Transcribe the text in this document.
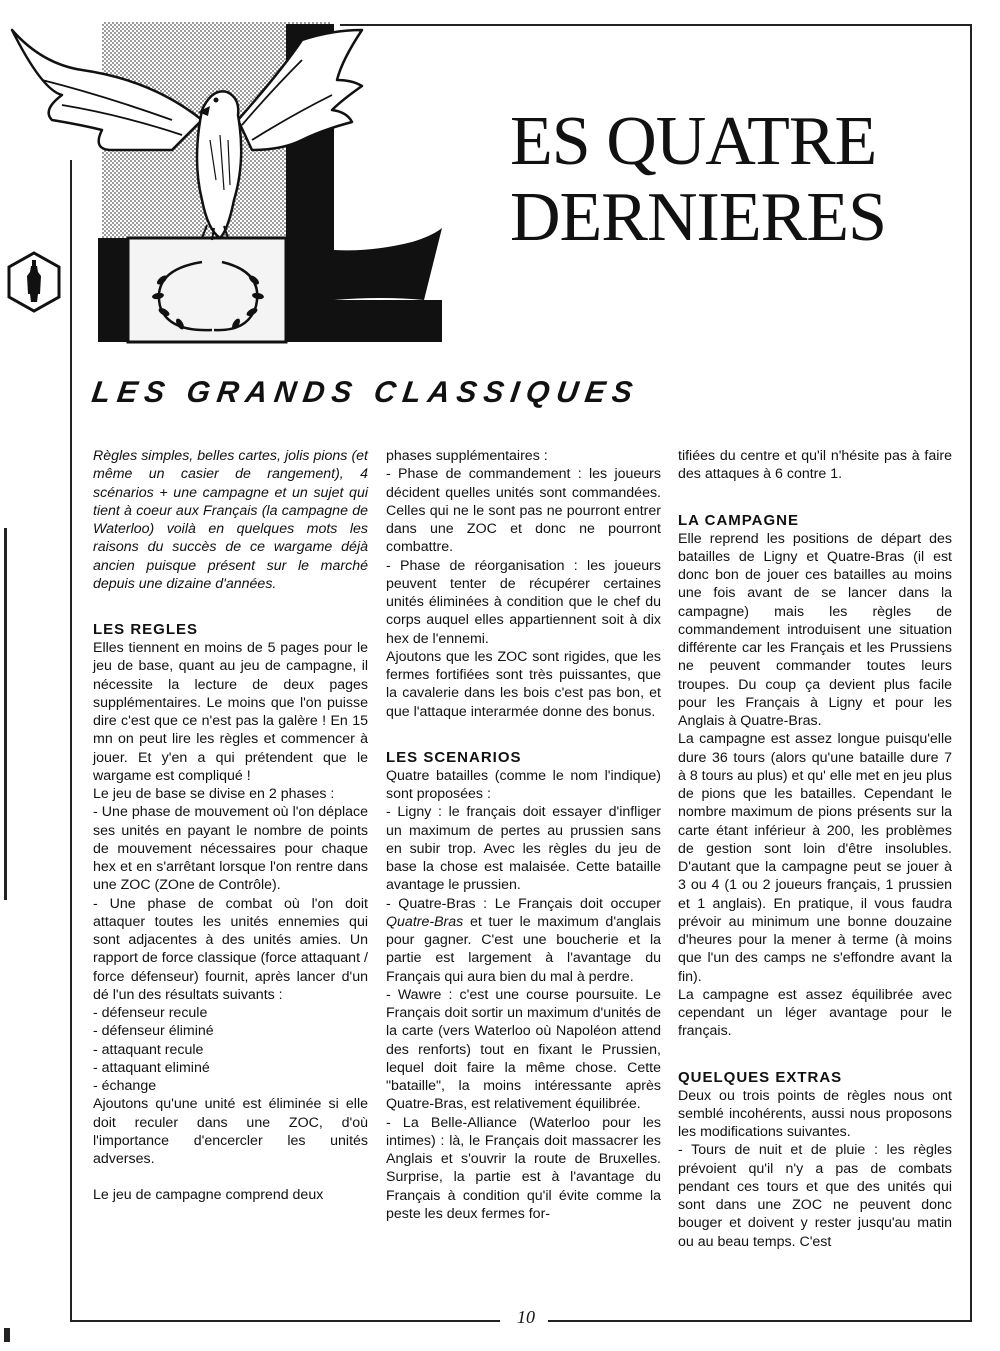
ES QUATRE
DERNIERES
LES GRANDS CLASSIQUES

Règles simples, belles cartes, jolis pions (et même un casier de rangement), 4 scénarios + une campagne et un sujet qui tient à coeur aux Français (la campagne de Waterloo) voilà en quelques mots les raisons du succès de ce wargame déjà ancien puisque présent sur le marché depuis une dizaine d'années.

LES REGLES

Elles tiennent en moins de 5 pages pour le jeu de base, quant au jeu de campagne, il nécessite la lecture de deux pages supplémentaires. Le moins que l'on puisse dire c'est que ce n'est pas la galère ! En 15 mn on peut lire les règles et commencer à jouer. Et y'en a qui prétendent que le wargame est compliqué !

Le jeu de base se divise en 2 phases :

- Une phase de mouvement où l'on déplace ses unités en payant le nombre de points de mouvement nécessaires pour chaque hex et en s'arrêtant lorsque l'on rentre dans une ZOC (ZOne de Contrôle).

- Une phase de combat où l'on doit attaquer toutes les unités ennemies qui sont adjacentes à des unités amies. Un rapport de force classique (force attaquant / force défenseur) fournit, après lancer d'un dé l'un des résultats suivants :

- défenseur recule

- défenseur éliminé

- attaquant recule

- attaquant eliminé

- échange

Ajoutons qu'une unité est éliminée si elle doit reculer dans une ZOC, d'où l'importance d'encercler les unités adverses.

Le jeu de campagne comprend deux

phases supplémentaires :

- Phase de commandement : les joueurs décident quelles unités sont commandées. Celles qui ne le sont pas ne pourront entrer dans une ZOC et donc ne pourront combattre.

- Phase de réorganisation : les joueurs peuvent tenter de récupérer certaines unités éliminées à condition que le chef du corps auquel elles appartiennent soit à dix hex de l'ennemi.

Ajoutons que les ZOC sont rigides, que les fermes fortifiées sont très puissantes, que la cavalerie dans les bois c'est pas bon, et que l'attaque interarmée donne des bonus.

LES SCENARIOS

Quatre batailles (comme le nom l'indique) sont proposées :

- Ligny : le français doit essayer d'infliger un maximum de pertes au prussien sans en subir trop. Avec les règles du jeu de base la chose est malaisée. Cette bataille avantage le prussien.

- Quatre-Bras : Le Français doit occuper Quatre-Bras et tuer le maximum d'anglais pour gagner. C'est une boucherie et la partie est largement à l'avantage du Français qui aura bien du mal à perdre.

- Wawre : c'est une course poursuite. Le Français doit sortir un maximum d'unités de la carte (vers Waterloo où Napoléon attend des renforts) tout en fixant le Prussien, lequel doit faire la même chose. Cette "bataille", la moins intéressante après Quatre-Bras, est relativement équilibrée.

- La Belle-Alliance (Waterloo pour les intimes) : là, le Français doit massacrer les Anglais et s'ouvrir la route de Bruxelles. Surprise, la partie est à l'avantage du Français à condition qu'il évite comme la peste les deux fermes for-

tifiées du centre et qu'il n'hésite pas à faire des attaques à 6 contre 1.

LA CAMPAGNE

Elle reprend les positions de départ des batailles de Ligny et Quatre-Bras (il est donc bon de jouer ces batailles au moins une fois avant de se lancer dans la campagne) mais les règles de commandement introduisent une situation différente car les Français et les Prussiens ne peuvent commander toutes leurs troupes. Du coup ça devient plus facile pour les Français à Ligny et pour les Anglais à Quatre-Bras.

La campagne est assez longue puisqu'elle dure 36 tours (alors qu'une bataille dure 7 à 8 tours au plus) et qu' elle met en jeu plus de pions que les batailles. Cependant le nombre maximum de pions présents sur la carte étant inférieur à 200, les problèmes de gestion sont loin d'être insolubles. D'autant que la campagne peut se jouer à 3 ou 4 (1 ou 2 joueurs français, 1 prussien et 1 anglais). En pratique, il vous faudra prévoir au minimum une bonne douzaine d'heures pour la mener à terme (à moins que l'un des camps ne s'effondre avant la fin).

La campagne est assez équilibrée avec cependant un léger avantage pour le français.

QUELQUES EXTRAS

Deux ou trois points de règles nous ont semblé incohérents, aussi nous proposons les modifications suivantes.

- Tours de nuit et de pluie : les règles prévoient qu'il n'y a pas de combats pendant ces tours et que des unités qui sont dans une ZOC ne peuvent donc bouger et doivent y rester jusqu'au matin ou au beau temps. C'est

10
